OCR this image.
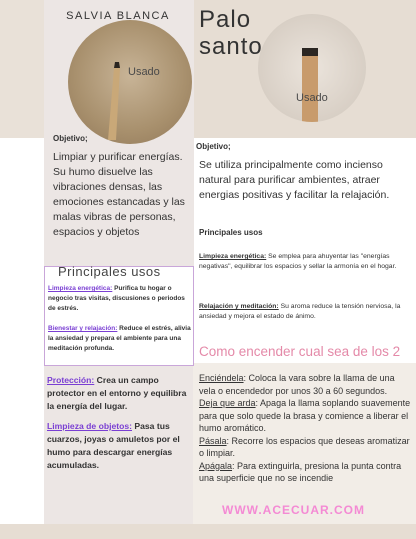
SALVIA BLANCA
Usado
Palo
santo
Usado
Objetivo;
Limpiar y purificar energías. Su humo disuelve las vibraciones densas, las emociones estancadas y las malas vibras de personas, espacios y objetos
Objetivo;
Se utiliza principalmente como incienso natural para purificar ambientes, atraer energias positivas y facilitar la relajación.
Principales usos
Limpieza energética: Se emplea para ahuyentar las "energías negativas", equilibrar los espacios y sellar la armonía en el hogar.
Relajación y meditación: Su aroma reduce la tensión nerviosa, la ansiedad y mejora el estado de ánimo.
Principales usos
Limpieza energética: Purifica tu hogar o negocio tras visitas, discusiones o periodos de estrés.
Bienestar y relajación: Reduce el estrés, alivia la ansiedad y prepara el ambiente para una meditación profunda.
Protección: Crea un campo protector en el entorno y equilibra la energía del lugar.
Limpieza de objetos: Pasa tus cuarzos, joyas o amuletos por el humo para descargar energías acumuladas.
Como encender cual sea de los 2
Enciéndela: Coloca la vara sobre la llama de una vela o encendedor por unos 30 a 60 segundos.
Deja que arda: Apaga la llama soplando suavemente para que solo quede la brasa y comience a liberar el humo aromático.
Pásala: Recorre los espacios que deseas aromatizar o limpiar.
Apágala: Para extinguirla, presiona la punta contra una superficie que no se incendie
WWW.ACECUAR.COM
